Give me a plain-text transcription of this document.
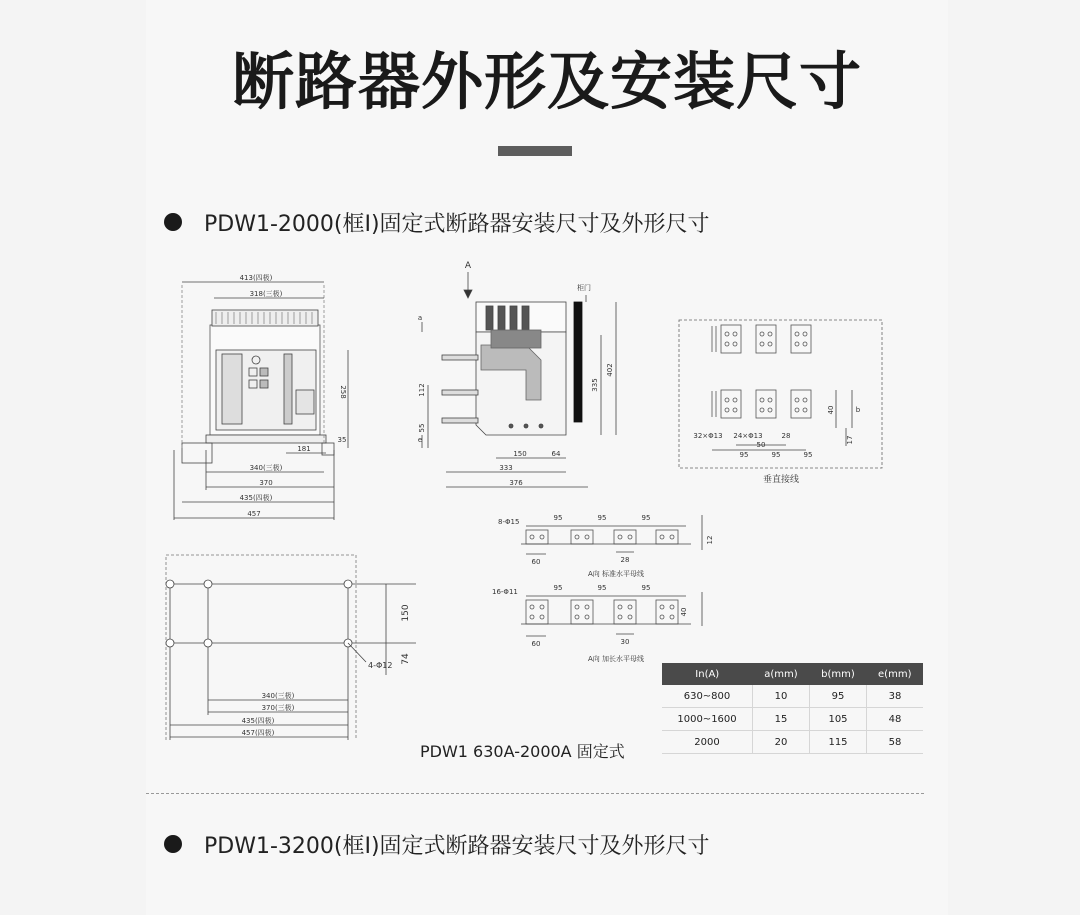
断路器外形及安装尺寸
PDW1-2000(框I)固定式断路器安装尺寸及外形尺寸
413(四极)
318(三极)
258
35
181
340(三极)
370
435(四极)
457
A
柜门
a
112
55
e
335
402
150	64
333
376
32×Φ13 24×Φ13	28
50
40	b
17
95	95	95
垂直接线
8-Φ15	95	95	95
60	28
12
A向 标准水平母线
16-Φ11	95	95	95
60	30
40
A向 加长水平母线
150
74
4-Φ12
340(三极)
370(三极)
435(四极)
457(四极)
PDW1 630A-2000A 固定式
In(A)	a(mm)	b(mm)	e(mm)
630~800	10	95	38
1000~1600	15	105	48
2000	20	115	58
PDW1-3200(框I)固定式断路器安装尺寸及外形尺寸
